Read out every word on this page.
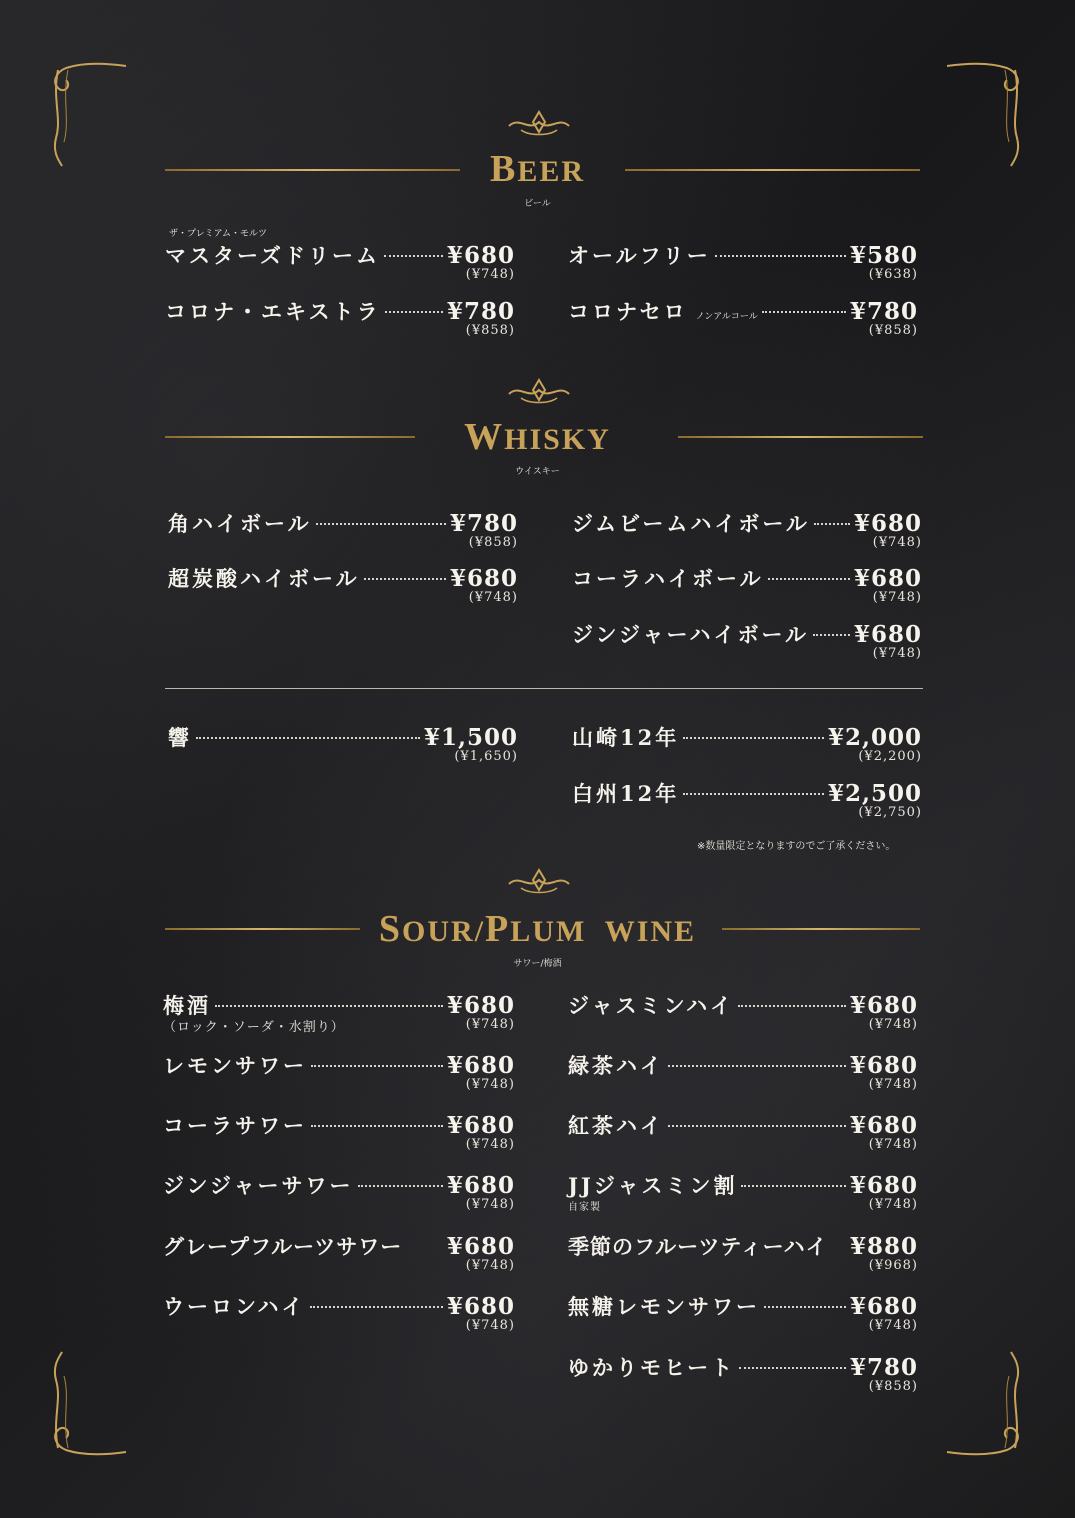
BEER
ビール
ザ・プレミアム・モルツ
マスターズドリーム	¥680
(¥748)
オールフリー	¥580
(¥638)
コロナ・エキストラ	¥780
(¥858)
コロナセロ ノンアルコール	¥780
(¥858)
WHISKY
ウイスキー
角ハイボール	¥780
(¥858)
ジムビームハイボール ¥680
(¥748)
超炭酸ハイボール	¥680
(¥748)
コーラハイボール	¥680
(¥748)
ジンジャーハイボール ¥680
(¥748)
響	¥1,500
(¥1,650)
山崎12年	¥2,000
(¥2,200)
白州12年	¥2,500
(¥2,750)
※数量限定となりますのでご了承ください。
SOUR/PLUM  WINE
サワー/梅酒
梅酒	¥680
（ロック・ソーダ・水割り）	(¥748)
ジャスミンハイ	¥680
(¥748)
レモンサワー	¥680
(¥748)
緑茶ハイ	¥680
(¥748)
コーラサワー	¥680
(¥748)
紅茶ハイ	¥680
(¥748)
ジンジャーサワー	¥680
(¥748)
JJジャスミン割	¥680
自家製	(¥748)
グレープフルーツサワー ¥680
(¥748)
季節のフルーツティーハイ ¥880
(¥968)
ウーロンハイ	¥680
(¥748)
無糖レモンサワー	¥680
(¥748)
ゆかりモヒート	¥780
(¥858)
